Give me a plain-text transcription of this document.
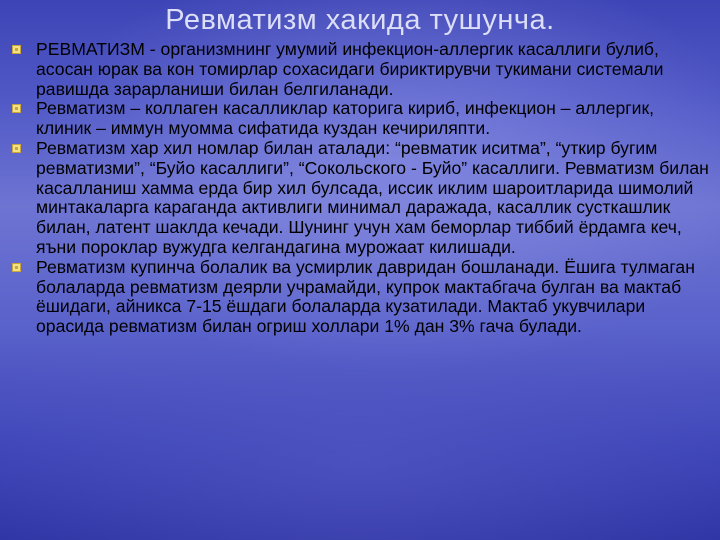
Ревматизм хакида тушунча.
РЕВМАТИЗМ - организмнинг умумий инфекцион-аллергик касаллиги булиб, асосан юрак ва кон томирлар сохасидаги бириктирувчи тукимани системали равишда зарарланиши билан белгиланади.
Ревматизм – коллаген касалликлар каторига кириб, инфекцион – аллергик, клиник – иммун муомма сифатида куздан кечириляпти.
Ревматизм хар хил номлар билан аталади: “ревматик иситма”, “уткир бугим ревматизми”, “Буйо касаллиги”, “Сокольского - Буйо” касаллиги. Ревматизм билан касалланиш хамма ерда бир хил булсада, иссик иклим шароитларида шимолий минтакаларга караганда активлиги минимал даражада, касаллик сусткашлик билан, латент шаклда кечади. Шунинг учун хам беморлар тиббий ёрдамга кеч, яъни пороклар вужудга келгандагина мурожаат килишади.
Ревматизм купинча болалик ва усмирлик давридан бошланади. Ёшига тулмаган болаларда ревматизм деярли учрамайди, купрок мактабгача булган ва мактаб ёшидаги, айникса 7-15 ёшдаги болаларда кузатилади. Мактаб укувчилари орасида ревматизм билан огриш холлари 1% дан 3% гача булади.
